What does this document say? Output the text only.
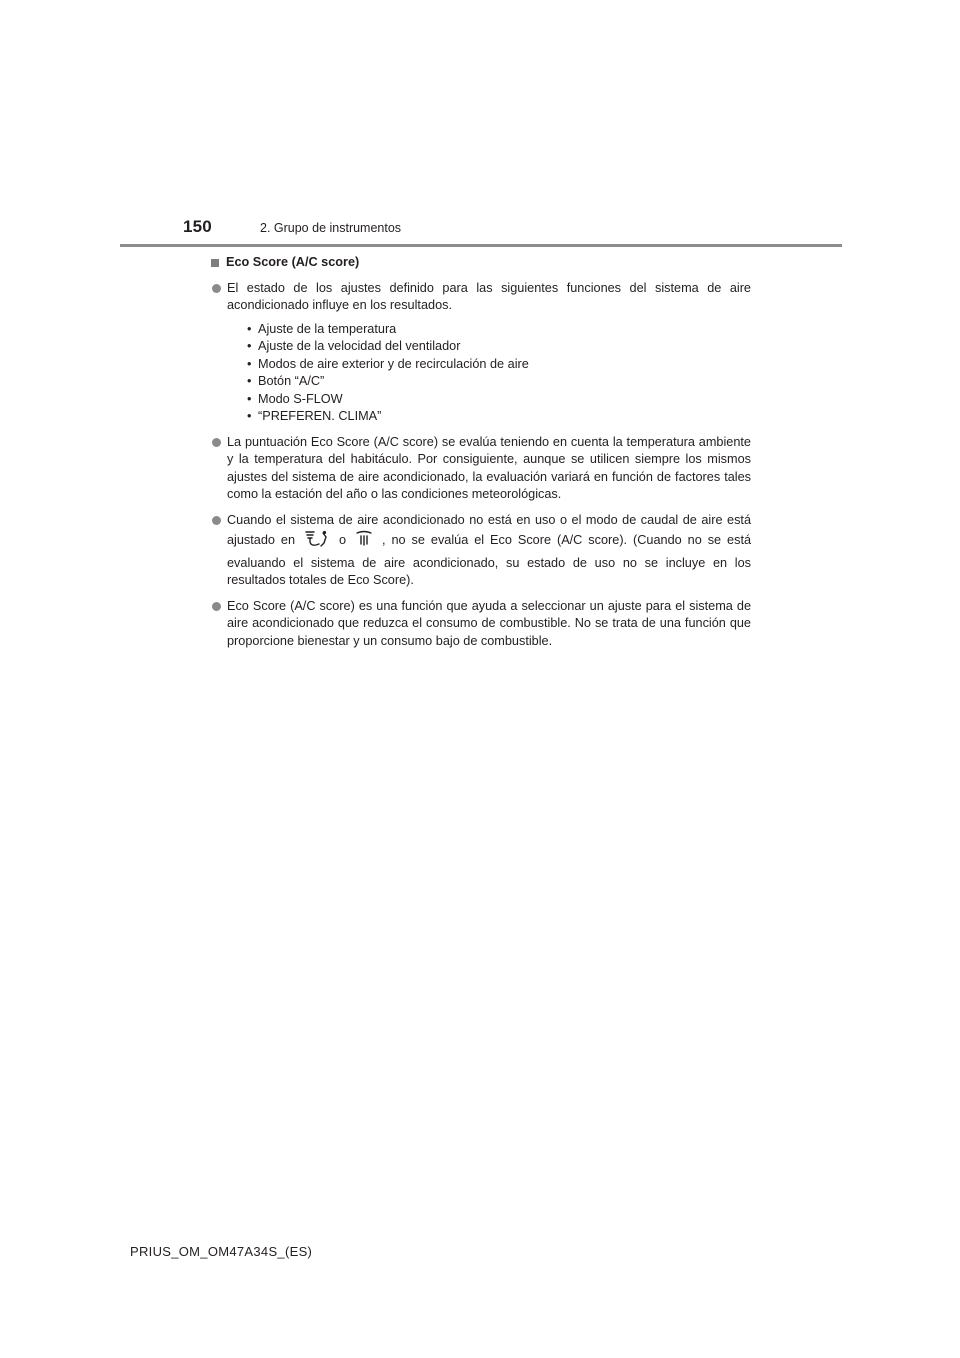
150	2. Grupo de instrumentos
Eco Score (A/C score)
El estado de los ajustes definido para las siguientes funciones del sistema de aire acondicionado influye en los resultados.
• Ajuste de la temperatura
• Ajuste de la velocidad del ventilador
• Modos de aire exterior y de recirculación de aire
• Botón “A/C”
• Modo S-FLOW
• “PREFEREN. CLIMA”
La puntuación Eco Score (A/C score) se evalúa teniendo en cuenta la temperatura ambiente y la temperatura del habitáculo. Por consiguiente, aunque se utilicen siempre los mismos ajustes del sistema de aire acondicionado, la evaluación variará en función de factores tales como la estación del año o las condiciones meteorológicas.
Cuando el sistema de aire acondicionado no está en uso o el modo de caudal de aire está ajustado en	o	, no se evalúa el Eco Score (A/C score). (Cuando no se está evaluando el sistema de aire acondicionado, su estado de uso no se incluye en los resultados totales de Eco Score).
Eco Score (A/C score) es una función que ayuda a seleccionar un ajuste para el sistema de aire acondicionado que reduzca el consumo de combustible. No se trata de una función que proporcione bienestar y un consumo bajo de combustible.
PRIUS_OM_OM47A34S_(ES)
